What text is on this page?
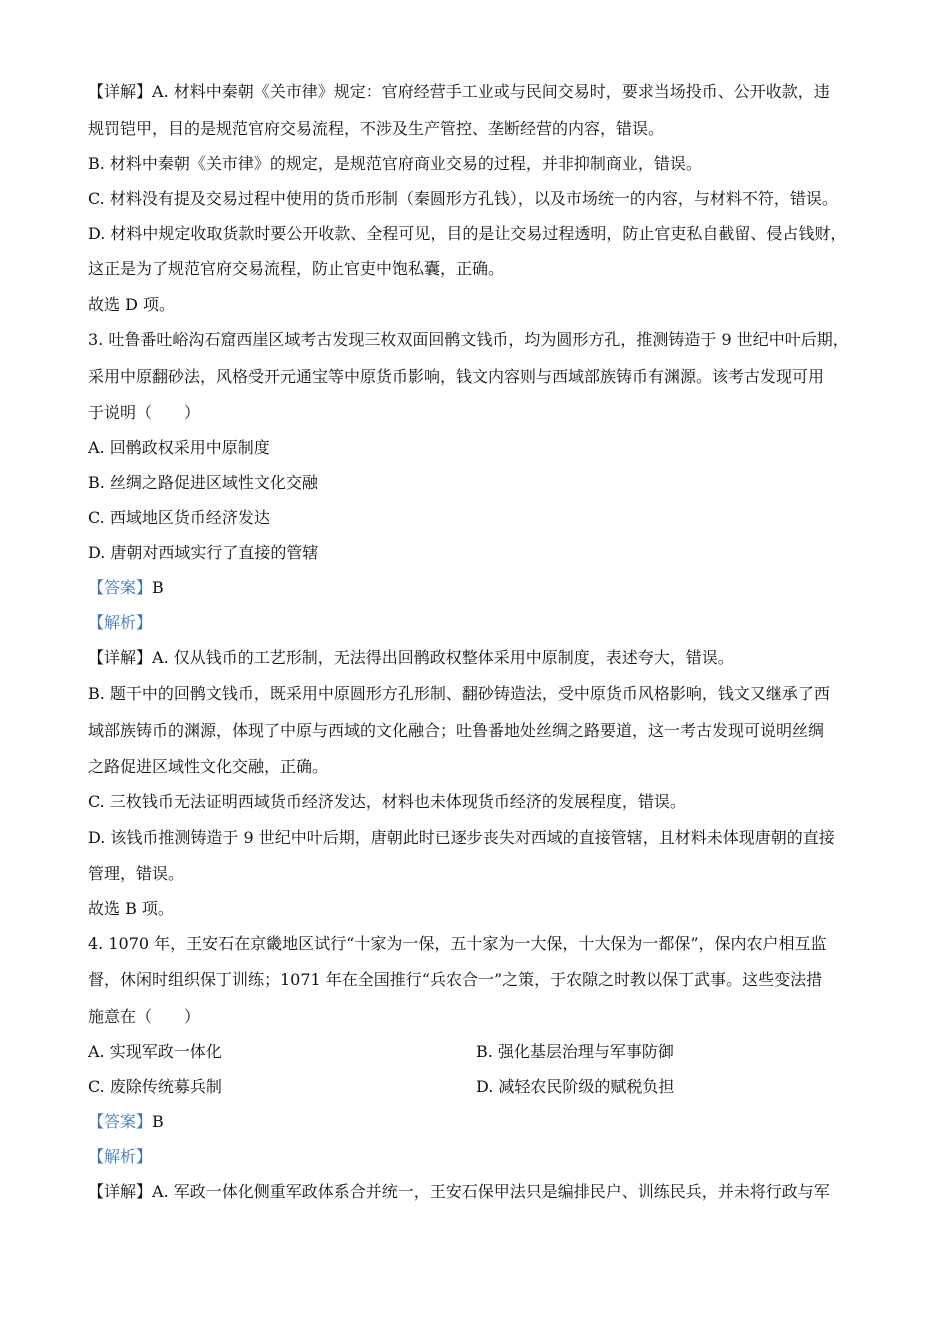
【详解】A. 材料中秦朝《关市律》规定：官府经营手工业或与民间交易时，要求当场投币、公开收款，违
规罚铠甲，目的是规范官府交易流程，不涉及生产管控、垄断经营的内容，错误。
B. 材料中秦朝《关市律》的规定，是规范官府商业交易的过程，并非抑制商业，错误。
C. 材料没有提及交易过程中使用的货币形制（秦圆形方孔钱），以及市场统一的内容，与材料不符，错误。
D. 材料中规定收取货款时要公开收款、全程可见，目的是让交易过程透明，防止官吏私自截留、侵占钱财，
这正是为了规范官府交易流程，防止官吏中饱私囊，正确。
故选 D 项。
3. 吐鲁番吐峪沟石窟西崖区域考古发现三枚双面回鹘文钱币，均为圆形方孔，推测铸造于 9 世纪中叶后期，
采用中原翻砂法，风格受开元通宝等中原货币影响，钱文内容则与西域部族铸币有渊源。该考古发现可用
于说明（　　）
A. 回鹘政权采用中原制度
B. 丝绸之路促进区域性文化交融
C. 西域地区货币经济发达
D. 唐朝对西域实行了直接的管辖
【答案】B
【解析】
【详解】A. 仅从钱币的工艺形制，无法得出回鹘政权整体采用中原制度，表述夸大，错误。
B. 题干中的回鹘文钱币，既采用中原圆形方孔形制、翻砂铸造法，受中原货币风格影响，钱文又继承了西
域部族铸币的渊源，体现了中原与西域的文化融合；吐鲁番地处丝绸之路要道，这一考古发现可说明丝绸
之路促进区域性文化交融，正确。
C. 三枚钱币无法证明西域货币经济发达，材料也未体现货币经济的发展程度，错误。
D. 该钱币推测铸造于 9 世纪中叶后期，唐朝此时已逐步丧失对西域的直接管辖，且材料未体现唐朝的直接
管理，错误。
故选 B 项。
4. 1070 年，王安石在京畿地区试行“十家为一保，五十家为一大保，十大保为一都保”，保内农户相互监
督，休闲时组织保丁训练；1071 年在全国推行“兵农合一”之策，于农隙之时教以保丁武事。这些变法措
施意在（　　）
A. 实现军政一体化	B. 强化基层治理与军事防御
C. 废除传统募兵制	D. 减轻农民阶级的赋税负担
【答案】B
【解析】
【详解】A. 军政一体化侧重军政体系合并统一，王安石保甲法只是编排民户、训练民兵，并未将行政与军
